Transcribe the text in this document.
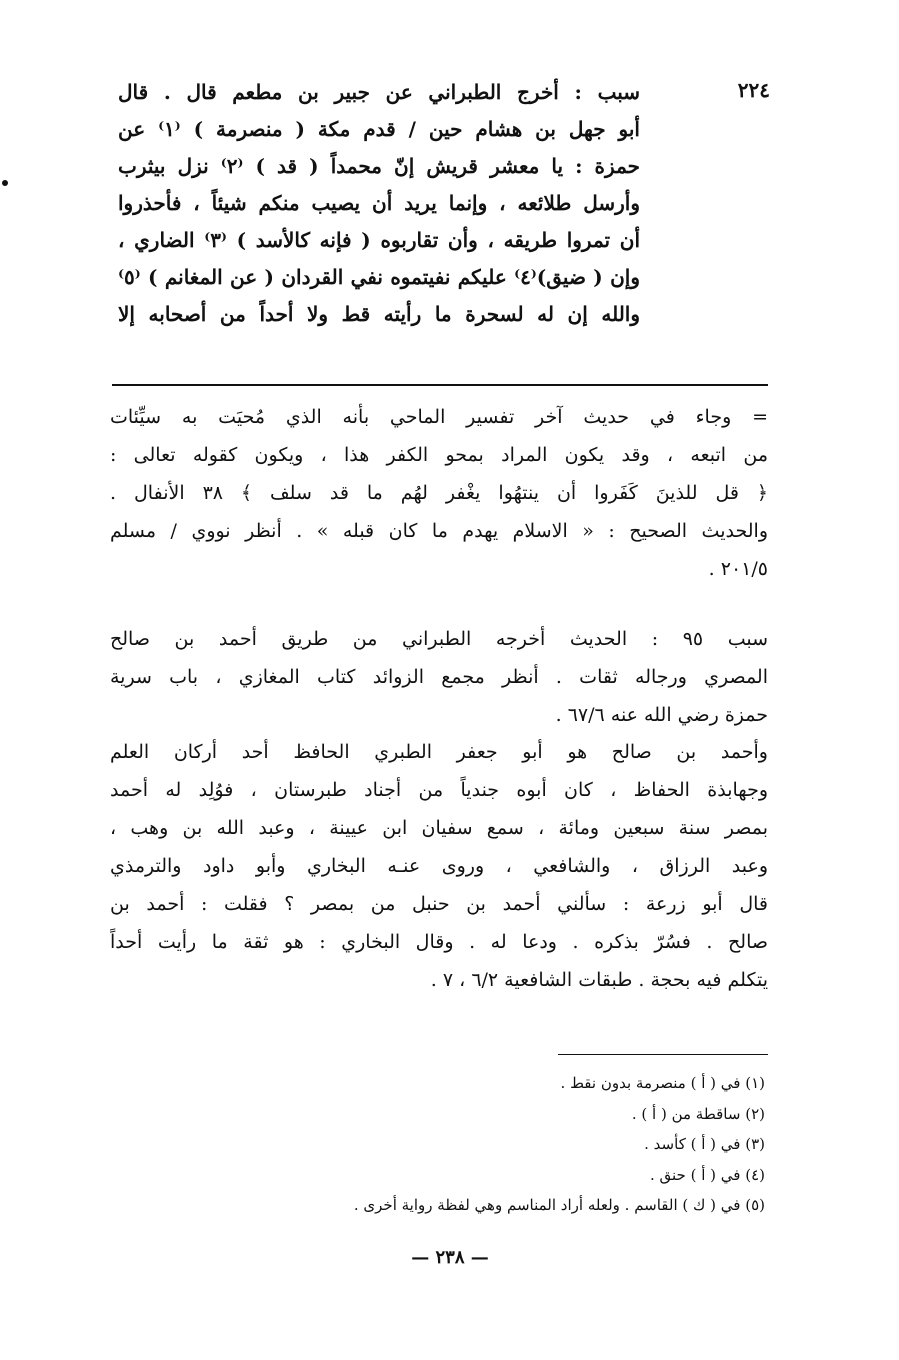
٢٢٤

سبب : أخرج الطبراني عن جبير بن مطعم قال . قال

أبو جهل بن هشام حين / قدم مكة ( منصرمة ) ⁽١⁾ عن

حمزة : يا معشر قريش إنّ محمداً ( قد ) ⁽٢⁾ نزل بيثرب

وأرسل طلائعه ، وإنما يريد أن يصيب منكم شيئاً ، فأحذروا

أن تمروا طريقه ، وأن تقاربوه ( فإنه كالأسد ) ⁽٣⁾ الضاري ،

وإن ( ضيق)⁽٤⁾ عليكم نفيتموه نفي القردان ( عن المغانم ) ⁽٥⁾

والله إن له لسحرة ما رأيته قط ولا أحداً من أصحابه إلا

= وجاء في حديث آخر تفسير الماحي بأنه الذي مُحيَت به سيِّئات
من اتبعه ، وقد يكون المراد بمحو الكفر هذا ، ويكون كقوله تعالى :
﴿ قل للذينَ كَفَروا أن ينتهُوا يغْفر لهُم ما قد سلف ﴾ ٣٨ الأنفال .
والحديث الصحيح : « الاسلام يهدم ما كان قبله » . أنظر نووي / مسلم
٢٠١/٥ .
سبب ٩٥ : الحديث أخرجه الطبراني من طريق أحمد بن صالح
المصري ورجاله ثقات . أنظر مجمع الزوائد كتاب المغازي ، باب سرية
حمزة رضي الله عنه ٦٧/٦ .
وأحمد بن صالح هو أبو جعفر الطبري الحافظ أحد أركان العلم
وجهابذة الحفاظ ، كان أبوه جندياً من أجناد طبرستان ، فوُلِد له أحمد
بمصر سنة سبعين ومائة ، سمع سفيان ابن عيينة ، وعبد الله بن وهب ،
وعبد الرزاق ، والشافعي ، وروى عنـه البخاري وأبو داود والترمذي
قال أبو زرعة : سألني أحمد بن حنبل من بمصر ؟ فقلت : أحمد بن
صالح . فسُرّ بذكره . ودعا له . وقال البخاري : هو ثقة ما رأيت أحداً
يتكلم فيه بحجة . طبقات الشافعية ٦/٢ ، ٧ .
(١) في ( أ ) منصرمة بدون نقط .
(٢) ساقطة من ( أ ) .
(٣) في ( أ ) كأسد .
(٤) في ( أ ) حنق .
(٥) في ( ك ) القاسم . ولعله أراد المناسم وهي لفظة رواية أخرى .
— ٢٣٨ —
